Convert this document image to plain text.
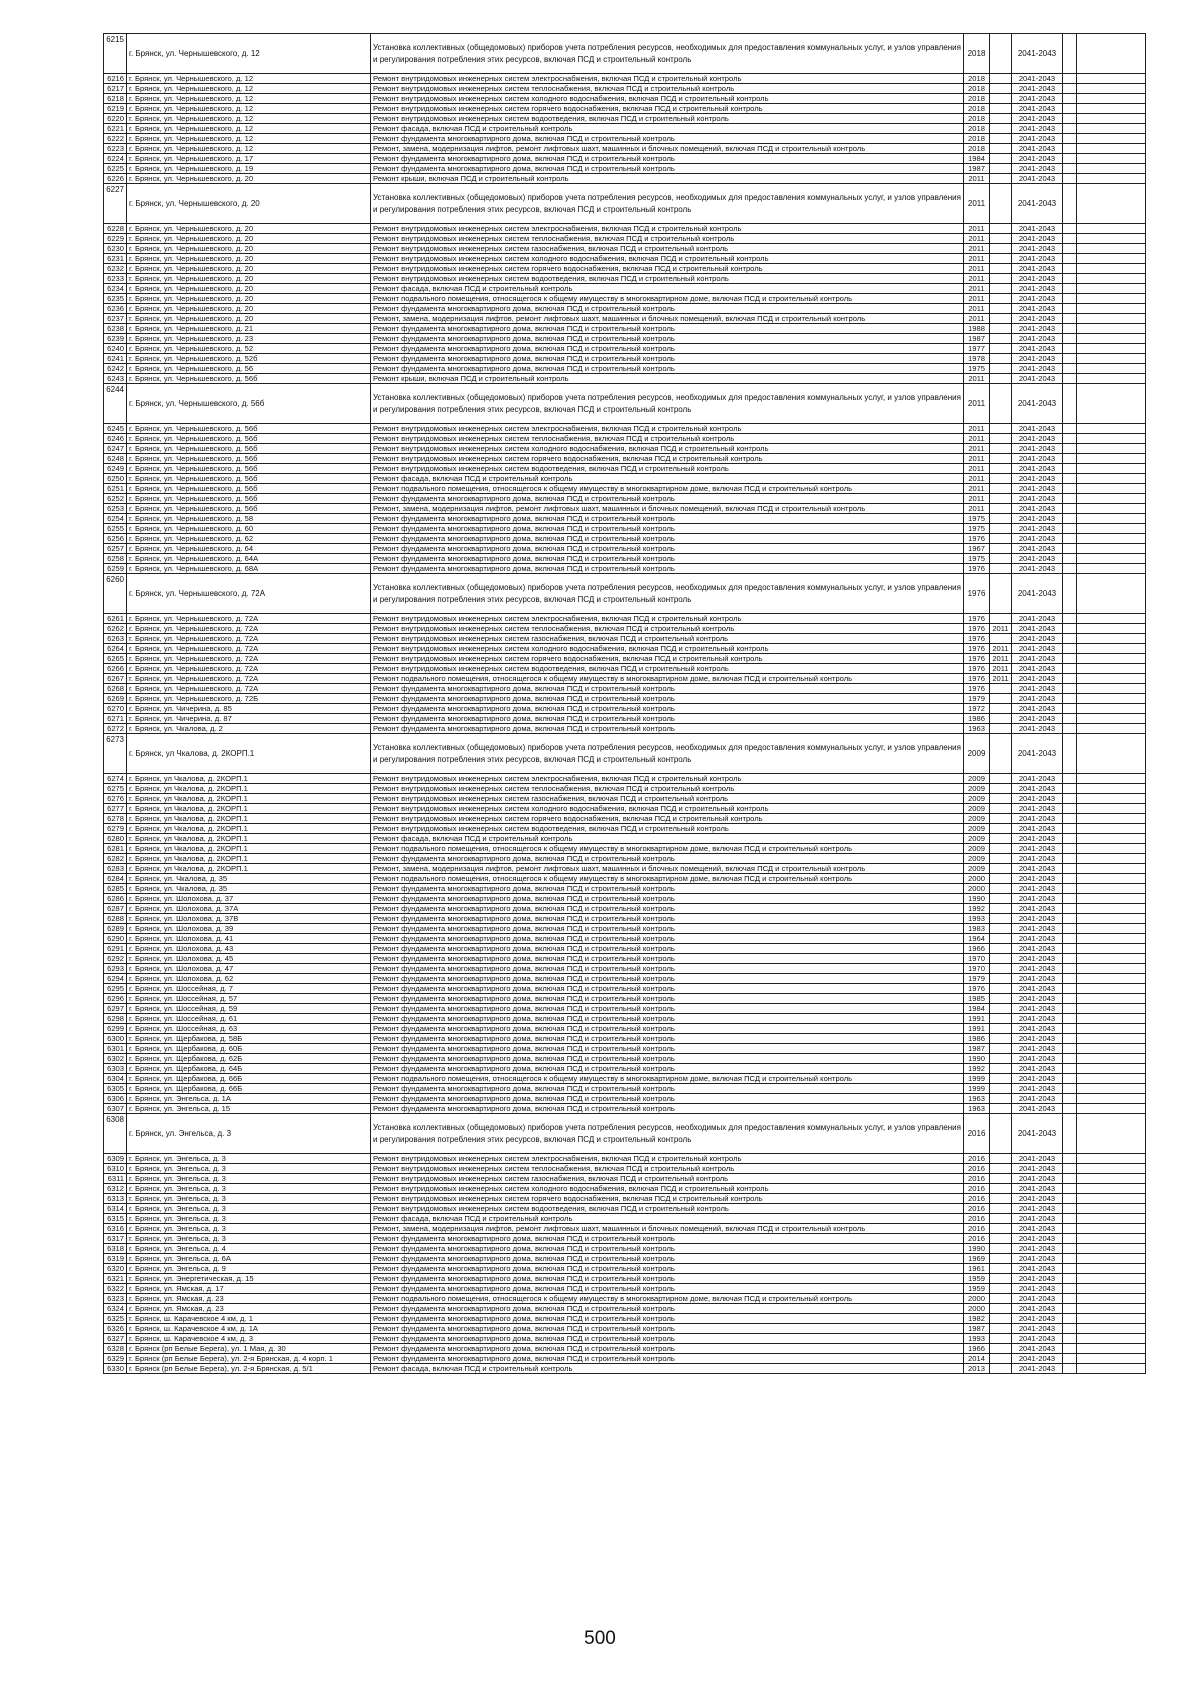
6215	г. Брянск, ул. Чернышевского, д. 12	Установка коллективных (общедомовых) приборов учета потребления ресурсов, необходимых для предоставления коммунальных услуг, и узлов управления и регулирования потребления этих ресурсов, включая ПСД и строительный контроль	2018		2041-2043		
6216	г. Брянск, ул. Чернышевского, д. 12	Ремонт внутридомовых инженерных систем электроснабжения, включая ПСД и строительный контроль	2018		2041-2043		
6217	г. Брянск, ул. Чернышевского, д. 12	Ремонт внутридомовых инженерных систем теплоснабжения, включая ПСД и строительный контроль	2018		2041-2043		
6218	г. Брянск, ул. Чернышевского, д. 12	Ремонт внутридомовых инженерных систем холодного водоснабжения, включая ПСД и строительный контроль	2018		2041-2043		
6219	г. Брянск, ул. Чернышевского, д. 12	Ремонт внутридомовых инженерных систем горячего водоснабжения, включая ПСД и строительный контроль	2018		2041-2043		
6220	г. Брянск, ул. Чернышевского, д. 12	Ремонт внутридомовых инженерных систем водоотведения, включая ПСД и строительный контроль	2018		2041-2043		
6221	г. Брянск, ул. Чернышевского, д. 12	Ремонт фасада, включая ПСД и строительный контроль	2018		2041-2043		
6222	г. Брянск, ул. Чернышевского, д. 12	Ремонт фундамента многоквартирного дома, включая ПСД и строительный контроль	2018		2041-2043		
6223	г. Брянск, ул. Чернышевского, д. 12	Ремонт, замена, модернизация лифтов, ремонт лифтовых шахт, машинных и блочных помещений, включая ПСД и строительный контроль	2018		2041-2043		
6224	г. Брянск, ул. Чернышевского, д. 17	Ремонт фундамента многоквартирного дома, включая ПСД и строительный контроль	1984		2041-2043		
6225	г. Брянск, ул. Чернышевского, д. 19	Ремонт фундамента многоквартирного дома, включая ПСД и строительный контроль	1987		2041-2043		
6226	г. Брянск, ул. Чернышевского, д. 20	Ремонт крыши, включая ПСД и строительный контроль	2011		2041-2043		
6227	г. Брянск, ул. Чернышевского, д. 20	Установка коллективных (общедомовых) приборов учета потребления ресурсов, необходимых для предоставления коммунальных услуг, и узлов управления и регулирования потребления этих ресурсов, включая ПСД и строительный контроль	2011		2041-2043		
6228	г. Брянск, ул. Чернышевского, д. 20	Ремонт внутридомовых инженерных систем электроснабжения, включая ПСД и строительный контроль	2011		2041-2043		
6229	г. Брянск, ул. Чернышевского, д. 20	Ремонт внутридомовых инженерных систем теплоснабжения, включая ПСД и строительный контроль	2011		2041-2043		
6230	г. Брянск, ул. Чернышевского, д. 20	Ремонт внутридомовых инженерных систем газоснабжения, включая ПСД и строительный контроль	2011		2041-2043		
6231	г. Брянск, ул. Чернышевского, д. 20	Ремонт внутридомовых инженерных систем холодного водоснабжения, включая ПСД и строительный контроль	2011		2041-2043		
6232	г. Брянск, ул. Чернышевского, д. 20	Ремонт внутридомовых инженерных систем горячего водоснабжения, включая ПСД и строительный контроль	2011		2041-2043		
6233	г. Брянск, ул. Чернышевского, д. 20	Ремонт внутридомовых инженерных систем водоотведения, включая ПСД и строительный контроль	2011		2041-2043		
6234	г. Брянск, ул. Чернышевского, д. 20	Ремонт фасада, включая ПСД и строительный контроль	2011		2041-2043		
6235	г. Брянск, ул. Чернышевского, д. 20	Ремонт подвального помещения, относящегося к общему имуществу в многоквартирном доме, включая ПСД и строительный контроль	2011		2041-2043		
6236	г. Брянск, ул. Чернышевского, д. 20	Ремонт фундамента многоквартирного дома, включая ПСД и строительный контроль	2011		2041-2043		
6237	г. Брянск, ул. Чернышевского, д. 20	Ремонт, замена, модернизация лифтов, ремонт лифтовых шахт, машинных и блочных помещений, включая ПСД и строительный контроль	2011		2041-2043		
6238	г. Брянск, ул. Чернышевского, д. 21	Ремонт фундамента многоквартирного дома, включая ПСД и строительный контроль	1988		2041-2043		
6239	г. Брянск, ул. Чернышевского, д. 23	Ремонт фундамента многоквартирного дома, включая ПСД и строительный контроль	1987		2041-2043		
6240	г. Брянск, ул. Чернышевского, д. 52	Ремонт фундамента многоквартирного дома, включая ПСД и строительный контроль	1977		2041-2043		
6241	г. Брянск, ул. Чернышевского, д. 52б	Ремонт фундамента многоквартирного дома, включая ПСД и строительный контроль	1978		2041-2043		
6242	г. Брянск, ул. Чернышевского, д. 56	Ремонт фундамента многоквартирного дома, включая ПСД и строительный контроль	1975		2041-2043		
6243	г. Брянск, ул. Чернышевского, д. 56б	Ремонт крыши, включая ПСД и строительный контроль	2011		2041-2043		
6244	г. Брянск, ул. Чернышевского, д. 56б	Установка коллективных (общедомовых) приборов учета потребления ресурсов, необходимых для предоставления коммунальных услуг, и узлов управления и регулирования потребления этих ресурсов, включая ПСД и строительный контроль	2011		2041-2043		
6245	г. Брянск, ул. Чернышевского, д. 56б	Ремонт внутридомовых инженерных систем электроснабжения, включая ПСД и строительный контроль	2011		2041-2043		
6246	г. Брянск, ул. Чернышевского, д. 56б	Ремонт внутридомовых инженерных систем теплоснабжения, включая ПСД и строительный контроль	2011		2041-2043		
6247	г. Брянск, ул. Чернышевского, д. 56б	Ремонт внутридомовых инженерных систем холодного водоснабжения, включая ПСД и строительный контроль	2011		2041-2043		
6248	г. Брянск, ул. Чернышевского, д. 56б	Ремонт внутридомовых инженерных систем горячего водоснабжения, включая ПСД и строительный контроль	2011		2041-2043		
6249	г. Брянск, ул. Чернышевского, д. 56б	Ремонт внутридомовых инженерных систем водоотведения, включая ПСД и строительный контроль	2011		2041-2043		
6250	г. Брянск, ул. Чернышевского, д. 56б	Ремонт фасада, включая ПСД и строительный контроль	2011		2041-2043		
6251	г. Брянск, ул. Чернышевского, д. 56б	Ремонт подвального помещения, относящегося к общему имуществу в многоквартирном доме, включая ПСД и строительный контроль	2011		2041-2043		
6252	г. Брянск, ул. Чернышевского, д. 56б	Ремонт фундамента многоквартирного дома, включая ПСД и строительный контроль	2011		2041-2043		
6253	г. Брянск, ул. Чернышевского, д. 56б	Ремонт, замена, модернизация лифтов, ремонт лифтовых шахт, машинных и блочных помещений, включая ПСД и строительный контроль	2011		2041-2043		
6254	г. Брянск, ул. Чернышевского, д. 58	Ремонт фундамента многоквартирного дома, включая ПСД и строительный контроль	1975		2041-2043		
6255	г. Брянск, ул. Чернышевского, д. 60	Ремонт фундамента многоквартирного дома, включая ПСД и строительный контроль	1975		2041-2043		
6256	г. Брянск, ул. Чернышевского, д. 62	Ремонт фундамента многоквартирного дома, включая ПСД и строительный контроль	1976		2041-2043		
6257	г. Брянск, ул. Чернышевского, д. 64	Ремонт фундамента многоквартирного дома, включая ПСД и строительный контроль	1967		2041-2043		
6258	г. Брянск, ул. Чернышевского, д. 64А	Ремонт фундамента многоквартирного дома, включая ПСД и строительный контроль	1975		2041-2043		
6259	г. Брянск, ул. Чернышевского, д. 68А	Ремонт фундамента многоквартирного дома, включая ПСД и строительный контроль	1976		2041-2043		
6260	г. Брянск, ул. Чернышевского, д. 72А	Установка коллективных (общедомовых) приборов учета потребления ресурсов, необходимых для предоставления коммунальных услуг, и узлов управления и регулирования потребления этих ресурсов, включая ПСД и строительный контроль	1976		2041-2043		
6261	г. Брянск, ул. Чернышевского, д. 72А	Ремонт внутридомовых инженерных систем электроснабжения, включая ПСД и строительный контроль	1976		2041-2043		
6262	г. Брянск, ул. Чернышевского, д. 72А	Ремонт внутридомовых инженерных систем теплоснабжения, включая ПСД и строительный контроль	1976	2011	2041-2043		
6263	г. Брянск, ул. Чернышевского, д. 72А	Ремонт внутридомовых инженерных систем газоснабжения, включая ПСД и строительный контроль	1976		2041-2043		
6264	г. Брянск, ул. Чернышевского, д. 72А	Ремонт внутридомовых инженерных систем холодного водоснабжения, включая ПСД и строительный контроль	1976	2011	2041-2043		
6265	г. Брянск, ул. Чернышевского, д. 72А	Ремонт внутридомовых инженерных систем горячего водоснабжения, включая ПСД и строительный контроль	1976	2011	2041-2043		
6266	г. Брянск, ул. Чернышевского, д. 72А	Ремонт внутридомовых инженерных систем водоотведения, включая ПСД и строительный контроль	1976	2011	2041-2043		
6267	г. Брянск, ул. Чернышевского, д. 72А	Ремонт подвального помещения, относящегося к общему имуществу в многоквартирном доме, включая ПСД и строительный контроль	1976	2011	2041-2043		
6268	г. Брянск, ул. Чернышевского, д. 72А	Ремонт фундамента многоквартирного дома, включая ПСД и строительный контроль	1976		2041-2043		
6269	г. Брянск, ул. Чернышевского, д. 72Б	Ремонт фундамента многоквартирного дома, включая ПСД и строительный контроль	1979		2041-2043		
6270	г. Брянск, ул. Чичерина, д. 85	Ремонт фундамента многоквартирного дома, включая ПСД и строительный контроль	1972		2041-2043		
6271	г. Брянск, ул. Чичерина, д. 87	Ремонт фундамента многоквартирного дома, включая ПСД и строительный контроль	1986		2041-2043		
6272	г. Брянск, ул. Чкалова, д. 2	Ремонт фундамента многоквартирного дома, включая ПСД и строительный контроль	1963		2041-2043		
6273	г. Брянск, ул Чкалова, д. 2КОРП.1	Установка коллективных (общедомовых) приборов учета потребления ресурсов, необходимых для предоставления коммунальных услуг, и узлов управления и регулирования потребления этих ресурсов, включая ПСД и строительный контроль	2009		2041-2043		
6274	г. Брянск, ул Чкалова, д. 2КОРП.1	Ремонт внутридомовых инженерных систем электроснабжения, включая ПСД и строительный контроль	2009		2041-2043		
6275	г. Брянск, ул Чкалова, д. 2КОРП.1	Ремонт внутридомовых инженерных систем теплоснабжения, включая ПСД и строительный контроль	2009		2041-2043		
6276	г. Брянск, ул Чкалова, д. 2КОРП.1	Ремонт внутридомовых инженерных систем газоснабжения, включая ПСД и строительный контроль	2009		2041-2043		
6277	г. Брянск, ул Чкалова, д. 2КОРП.1	Ремонт внутридомовых инженерных систем холодного водоснабжения, включая ПСД и строительный контроль	2009		2041-2043		
6278	г. Брянск, ул Чкалова, д. 2КОРП.1	Ремонт внутридомовых инженерных систем горячего водоснабжения, включая ПСД и строительный контроль	2009		2041-2043		
6279	г. Брянск, ул Чкалова, д. 2КОРП.1	Ремонт внутридомовых инженерных систем водоотведения, включая ПСД и строительный контроль	2009		2041-2043		
6280	г. Брянск, ул Чкалова, д. 2КОРП.1	Ремонт фасада, включая ПСД и строительный контроль	2009		2041-2043		
6281	г. Брянск, ул Чкалова, д. 2КОРП.1	Ремонт подвального помещения, относящегося к общему имуществу в многоквартирном доме, включая ПСД и строительный контроль	2009		2041-2043		
6282	г. Брянск, ул Чкалова, д. 2КОРП.1	Ремонт фундамента многоквартирного дома, включая ПСД и строительный контроль	2009		2041-2043		
6283	г. Брянск, ул Чкалова, д. 2КОРП.1	Ремонт, замена, модернизация лифтов, ремонт лифтовых шахт, машинных и блочных помещений, включая ПСД и строительный контроль	2009		2041-2043		
6284	г. Брянск, ул. Чкалова, д. 35	Ремонт подвального помещения, относящегося к общему имуществу в многоквартирном доме, включая ПСД и строительный контроль	2000		2041-2043		
6285	г. Брянск, ул. Чкалова, д. 35	Ремонт фундамента многоквартирного дома, включая ПСД и строительный контроль	2000		2041-2043		
6286	г. Брянск, ул. Шолохова, д. 37	Ремонт фундамента многоквартирного дома, включая ПСД и строительный контроль	1990		2041-2043		
6287	г. Брянск, ул. Шолохова, д. 37А	Ремонт фундамента многоквартирного дома, включая ПСД и строительный контроль	1992		2041-2043		
6288	г. Брянск, ул. Шолохова, д. 37В	Ремонт фундамента многоквартирного дома, включая ПСД и строительный контроль	1993		2041-2043		
6289	г. Брянск, ул. Шолохова, д. 39	Ремонт фундамента многоквартирного дома, включая ПСД и строительный контроль	1983		2041-2043		
6290	г. Брянск, ул. Шолохова, д. 41	Ремонт фундамента многоквартирного дома, включая ПСД и строительный контроль	1964		2041-2043		
6291	г. Брянск, ул. Шолохова, д. 43	Ремонт фундамента многоквартирного дома, включая ПСД и строительный контроль	1966		2041-2043		
6292	г. Брянск, ул. Шолохова, д. 45	Ремонт фундамента многоквартирного дома, включая ПСД и строительный контроль	1970		2041-2043		
6293	г. Брянск, ул. Шолохова, д. 47	Ремонт фундамента многоквартирного дома, включая ПСД и строительный контроль	1970		2041-2043		
6294	г. Брянск, ул. Шолохова, д. 62	Ремонт фундамента многоквартирного дома, включая ПСД и строительный контроль	1979		2041-2043		
6295	г. Брянск, ул. Шоссейная, д. 7	Ремонт фундамента многоквартирного дома, включая ПСД и строительный контроль	1976		2041-2043		
6296	г. Брянск, ул. Шоссейная, д. 57	Ремонт фундамента многоквартирного дома, включая ПСД и строительный контроль	1985		2041-2043		
6297	г. Брянск, ул. Шоссейная, д. 59	Ремонт фундамента многоквартирного дома, включая ПСД и строительный контроль	1984		2041-2043		
6298	г. Брянск, ул. Шоссейная, д. 61	Ремонт фундамента многоквартирного дома, включая ПСД и строительный контроль	1991		2041-2043		
6299	г. Брянск, ул. Шоссейная, д. 63	Ремонт фундамента многоквартирного дома, включая ПСД и строительный контроль	1991		2041-2043		
6300	г. Брянск, ул. Щербакова, д. 58Б	Ремонт фундамента многоквартирного дома, включая ПСД и строительный контроль	1986		2041-2043		
6301	г. Брянск, ул. Щербакова, д. 60Б	Ремонт фундамента многоквартирного дома, включая ПСД и строительный контроль	1987		2041-2043		
6302	г. Брянск, ул. Щербакова, д. 62Б	Ремонт фундамента многоквартирного дома, включая ПСД и строительный контроль	1990		2041-2043		
6303	г. Брянск, ул. Щербакова, д. 64Б	Ремонт фундамента многоквартирного дома, включая ПСД и строительный контроль	1992		2041-2043		
6304	г. Брянск, ул. Щербакова, д. 66Б	Ремонт подвального помещения, относящегося к общему имуществу в многоквартирном доме, включая ПСД и строительный контроль	1999		2041-2043		
6305	г. Брянск, ул. Щербакова, д. 66Б	Ремонт фундамента многоквартирного дома, включая ПСД и строительный контроль	1999		2041-2043		
6306	г. Брянск, ул. Энгельса, д. 1А	Ремонт фундамента многоквартирного дома, включая ПСД и строительный контроль	1963		2041-2043		
6307	г. Брянск, ул. Энгельса, д. 15	Ремонт фундамента многоквартирного дома, включая ПСД и строительный контроль	1963		2041-2043		
6308	г. Брянск, ул. Энгельса, д. 3	Установка коллективных (общедомовых) приборов учета потребления ресурсов, необходимых для предоставления коммунальных услуг, и узлов управления и регулирования потребления этих ресурсов, включая ПСД и строительный контроль	2016		2041-2043		
6309	г. Брянск, ул. Энгельса, д. 3	Ремонт внутридомовых инженерных систем электроснабжения, включая ПСД и строительный контроль	2016		2041-2043		
6310	г. Брянск, ул. Энгельса, д. 3	Ремонт внутридомовых инженерных систем теплоснабжения, включая ПСД и строительный контроль	2016		2041-2043		
6311	г. Брянск, ул. Энгельса, д. 3	Ремонт внутридомовых инженерных систем газоснабжения, включая ПСД и строительный контроль	2016		2041-2043		
6312	г. Брянск, ул. Энгельса, д. 3	Ремонт внутридомовых инженерных систем холодного водоснабжения, включая ПСД и строительный контроль	2016		2041-2043		
6313	г. Брянск, ул. Энгельса, д. 3	Ремонт внутридомовых инженерных систем горячего водоснабжения, включая ПСД и строительный контроль	2016		2041-2043		
6314	г. Брянск, ул. Энгельса, д. 3	Ремонт внутридомовых инженерных систем водоотведения, включая ПСД и строительный контроль	2016		2041-2043		
6315	г. Брянск, ул. Энгельса, д. 3	Ремонт фасада, включая ПСД и строительный контроль	2016		2041-2043		
6316	г. Брянск, ул. Энгельса, д. 3	Ремонт, замена, модернизация лифтов, ремонт лифтовых шахт, машинных и блочных помещений, включая ПСД и строительный контроль	2016		2041-2043		
6317	г. Брянск, ул. Энгельса, д. 3	Ремонт фундамента многоквартирного дома, включая ПСД и строительный контроль	2016		2041-2043		
6318	г. Брянск, ул. Энгельса, д. 4	Ремонт фундамента многоквартирного дома, включая ПСД и строительный контроль	1990		2041-2043		
6319	г. Брянск, ул. Энгельса, д. 6А	Ремонт фундамента многоквартирного дома, включая ПСД и строительный контроль	1969		2041-2043		
6320	г. Брянск, ул. Энгельса, д. 9	Ремонт фундамента многоквартирного дома, включая ПСД и строительный контроль	1961		2041-2043		
6321	г. Брянск, ул. Энергетическая, д. 15	Ремонт фундамента многоквартирного дома, включая ПСД и строительный контроль	1959		2041-2043		
6322	г. Брянск, ул. Ямская, д. 17	Ремонт фундамента многоквартирного дома, включая ПСД и строительный контроль	1959		2041-2043		
6323	г. Брянск, ул. Ямская, д. 23	Ремонт подвального помещения, относящегося к общему имуществу в многоквартирном доме, включая ПСД и строительный контроль	2000		2041-2043		
6324	г. Брянск, ул. Ямская, д. 23	Ремонт фундамента многоквартирного дома, включая ПСД и строительный контроль	2000		2041-2043		
6325	г. Брянск, ш. Карачевское 4 км, д. 1	Ремонт фундамента многоквартирного дома, включая ПСД и строительный контроль	1982		2041-2043		
6326	г. Брянск, ш. Карачевское 4 км, д. 1А	Ремонт фундамента многоквартирного дома, включая ПСД и строительный контроль	1987		2041-2043		
6327	г. Брянск, ш. Карачевское 4 км, д. 3	Ремонт фундамента многоквартирного дома, включая ПСД и строительный контроль	1993		2041-2043		
6328	г. Брянск (рп Белые Берега), ул. 1 Мая, д. 30	Ремонт фундамента многоквартирного дома, включая ПСД и строительный контроль	1966		2041-2043		
6329	г. Брянск (рп Белые Берега), ул. 2-я Брянская, д. 4 корп. 1	Ремонт фундамента многоквартирного дома, включая ПСД и строительный контроль	2014		2041-2043		
6330	г. Брянск (рп Белые Берега), ул. 2-я Брянская, д. 5/1	Ремонт фасада, включая ПСД и строительный контроль	2013		2041-2043		
500
